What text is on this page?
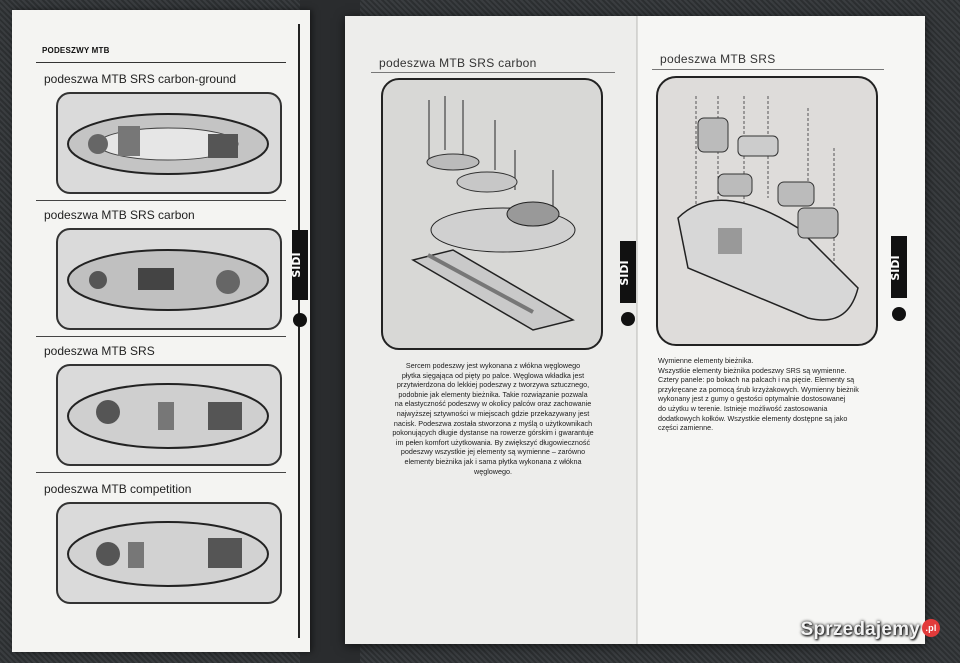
PODESZWY MTB
podeszwa MTB SRS carbon-ground
podeszwa MTB SRS carbon
podeszwa MTB SRS
podeszwa MTB competition
SIDI
podeszwa MTB SRS carbon
SIDI
Sercem podeszwy jest wykonana z włókna węglowego
płytka sięgająca od pięty po palce. Węglowa wkładka jest
przytwierdzona do lekkiej podeszwy z tworzywa sztucznego,
podobnie jak elementy bieżnika. Takie rozwiązanie pozwala
na elastyczność podeszwy w okolicy palców oraz zachowanie
najwyższej sztywności w miejscach gdzie przekazywany jest
nacisk. Podeszwa została stworzona z myślą o użytkownikach
pokonujących długie dystanse na rowerze górskim i gwarantuje
im pełen komfort użytkowania. By zwiększyć długowieczność
podeszwy wszystkie jej elementy są wymienne – zarówno
elementy bieżnika jak i sama płytka wykonana z włókna
węglowego.
podeszwa MTB SRS
SIDI
Wymienne elementy bieżnika.
Wszystkie elementy bieżnika podeszwy SRS są wymienne.
Cztery panele: po bokach na palcach i na pięcie. Elementy są
przykręcane za pomocą śrub krzyżakowych. Wymienny bieżnik
wykonany jest z gumy o gęstości optymalnie dostosowanej
do użytku w terenie. Istnieje możliwość zastosowania
dodatkowych kołków. Wszystkie elementy dostępne są jako
części zamienne.
Sprzedajemy .pl
